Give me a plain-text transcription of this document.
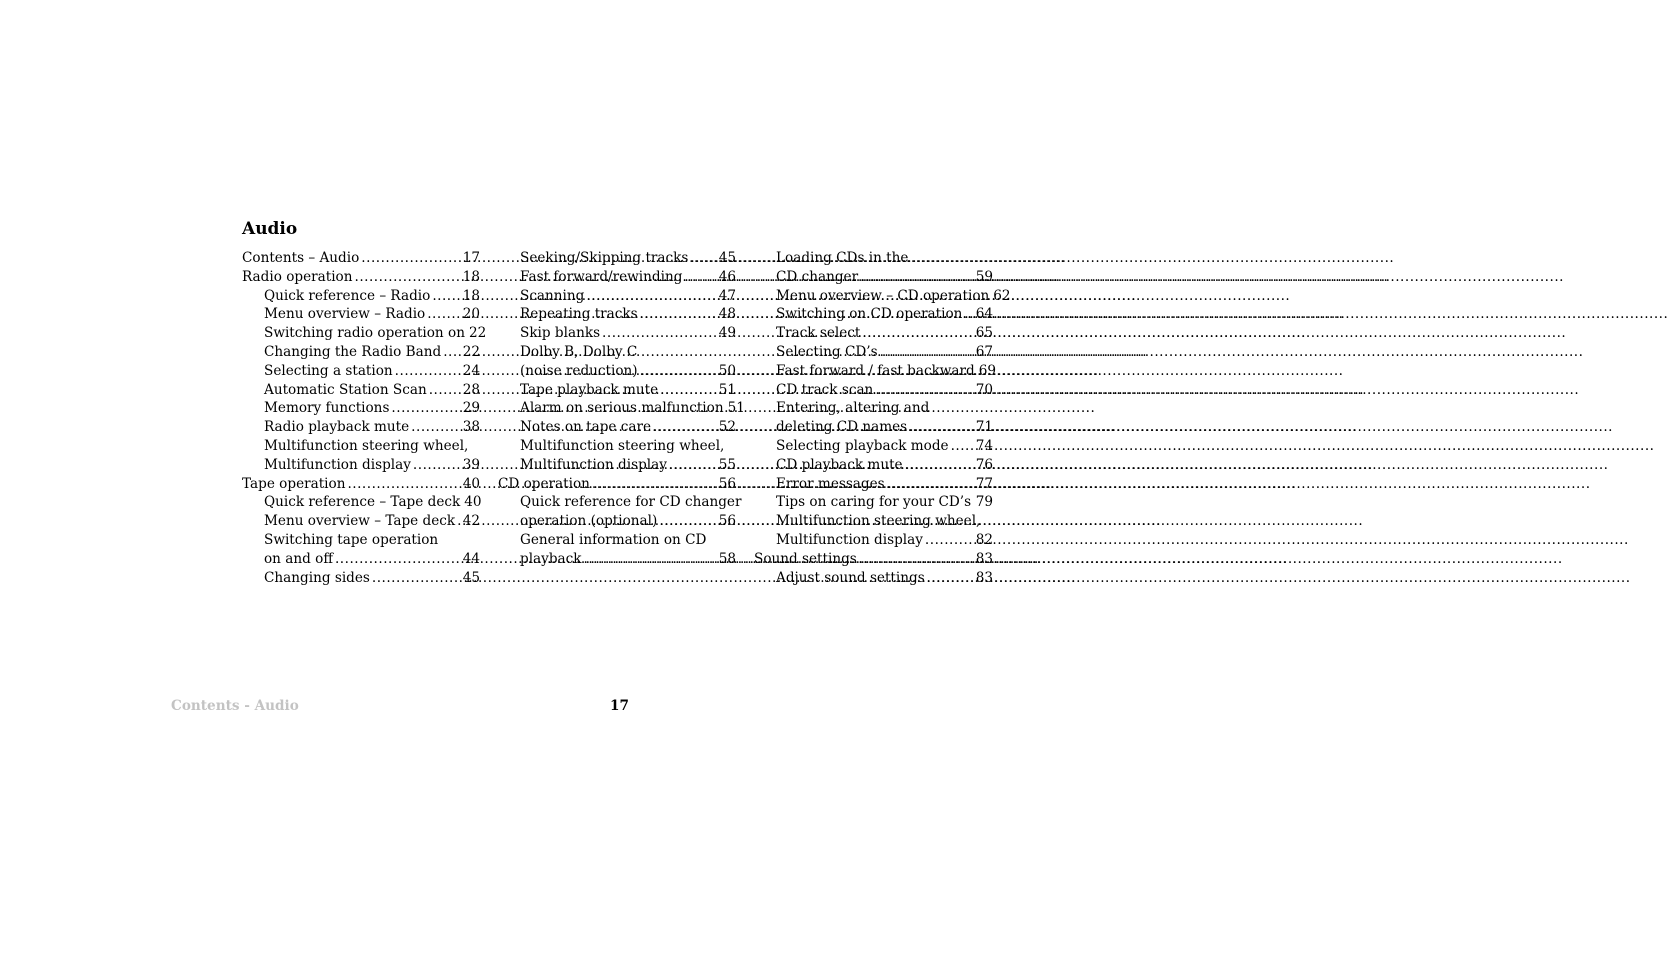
Audio
Contents – Audio .....	17
Radio operation .....	18
Quick reference – Radio ..... 18
Menu overview – Radio .....	20
Switching radio operation on 22
Changing the Radio Band ..... 22
Selecting a station .....	24
Automatic Station Scan .....	28
Memory functions .....	29
Radio playback mute .....	38
Multifunction steering wheel,
Multifunction display .....	39
Tape operation .....	40
Quick reference – Tape deck 40
Menu overview – Tape deck ..... 42
Switching tape operation
on and off .....	44
Changing sides .....	45
Seeking/Skipping tracks ..... 45
Fast forward/rewinding .....	46
Scanning .....	47
Repeating tracks .....	48
Skip blanks .....	49
Dolby B, Dolby C
(noise reduction) .....	50
Tape playback mute .....	51
Alarm on serious malfunction 51
Notes on tape care .....	52
Multifunction steering wheel,
Multifunction display .....	55
CD operation .....	56
Quick reference for CD changer
operation (optional) .....	56
General information on CD
playback .....	58
Loading CDs in the
CD changer .....	59
Menu overview – CD operation 62
Switching on CD operation ..... 64
Track select .....	65
Selecting CD’s .....	67
Fast forward / fast backward 69
CD track scan .....	70
Entering, altering and
deleting CD names .....	71
Selecting playback mode ..... 74
CD playback mute .....	76
Error messages .....	77
Tips on caring for your CD’s ..... 79
Multifunction steering wheel,
Multifunction display .....	82
Sound settings .....	83
Adjust sound settings .....	83
Contents - Audio	17
